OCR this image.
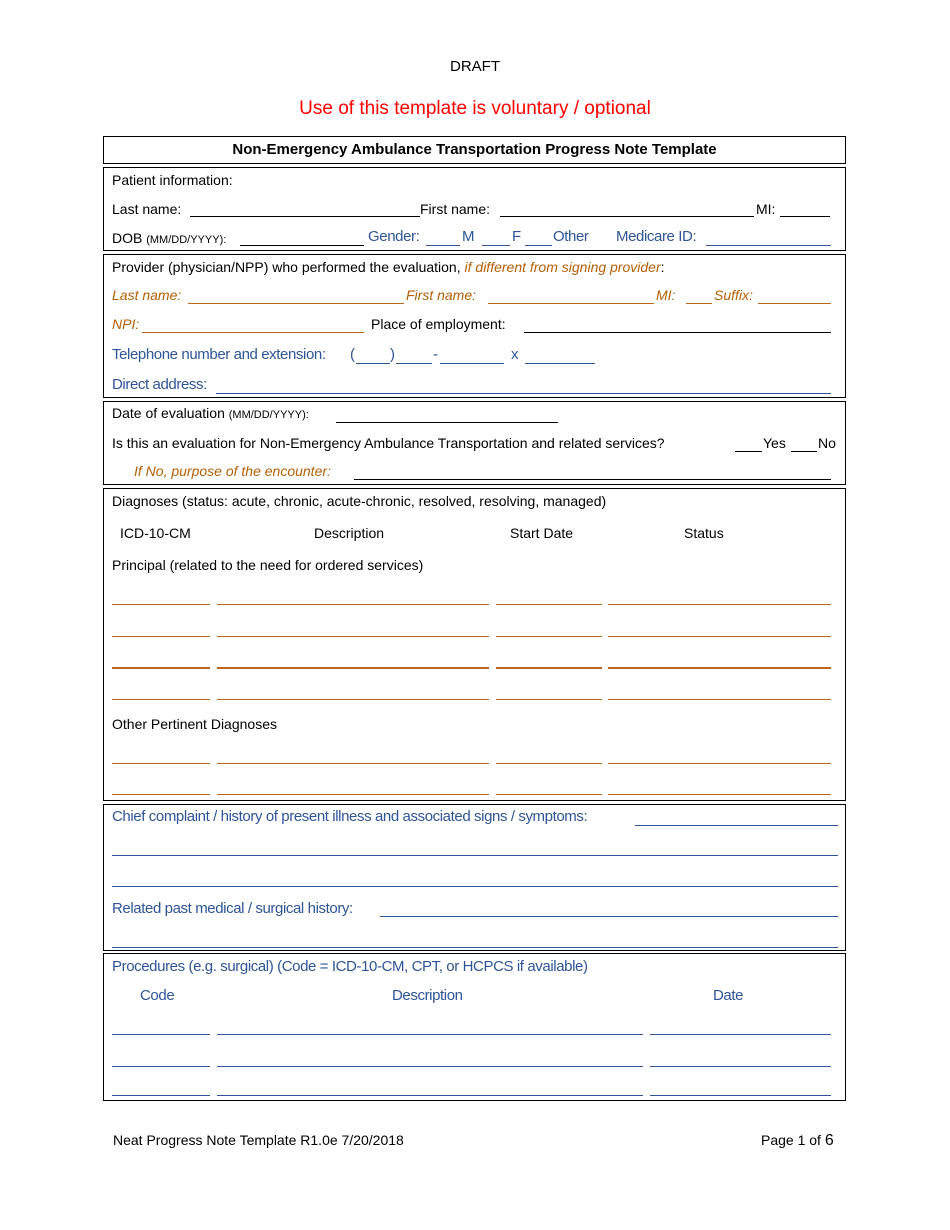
DRAFT
Use of this template is voluntary / optional
Non-Emergency Ambulance Transportation Progress Note Template
Patient information:
Last name:	First name:	MI:
DOB (MM/DD/YYYY):	Gender:	M	F Other Medicare ID:
Provider (physician/NPP) who performed the evaluation, if different from signing provider:
Last name:	First name:	MI:	Suffix:
NPI:	Place of employment:
Telephone number and extension: ( )	-	x
Direct address:
Date of evaluation (MM/DD/YYYY):
Is this an evaluation for Non-Emergency Ambulance Transportation and related services?	Yes No
If No, purpose of the encounter:
Diagnoses (status: acute, chronic, acute-chronic, resolved, resolving, managed)
ICD-10-CM	Description	Start Date	Status
Principal (related to the need for ordered services)
Other Pertinent Diagnoses
Chief complaint / history of present illness and associated signs / symptoms:
Related past medical / surgical history:
Procedures (e.g. surgical) (Code = ICD-10-CM, CPT, or HCPCS if available)
Code	Description	Date
Neat Progress Note Template R1.0e 7/20/2018	Page 1 of 6
